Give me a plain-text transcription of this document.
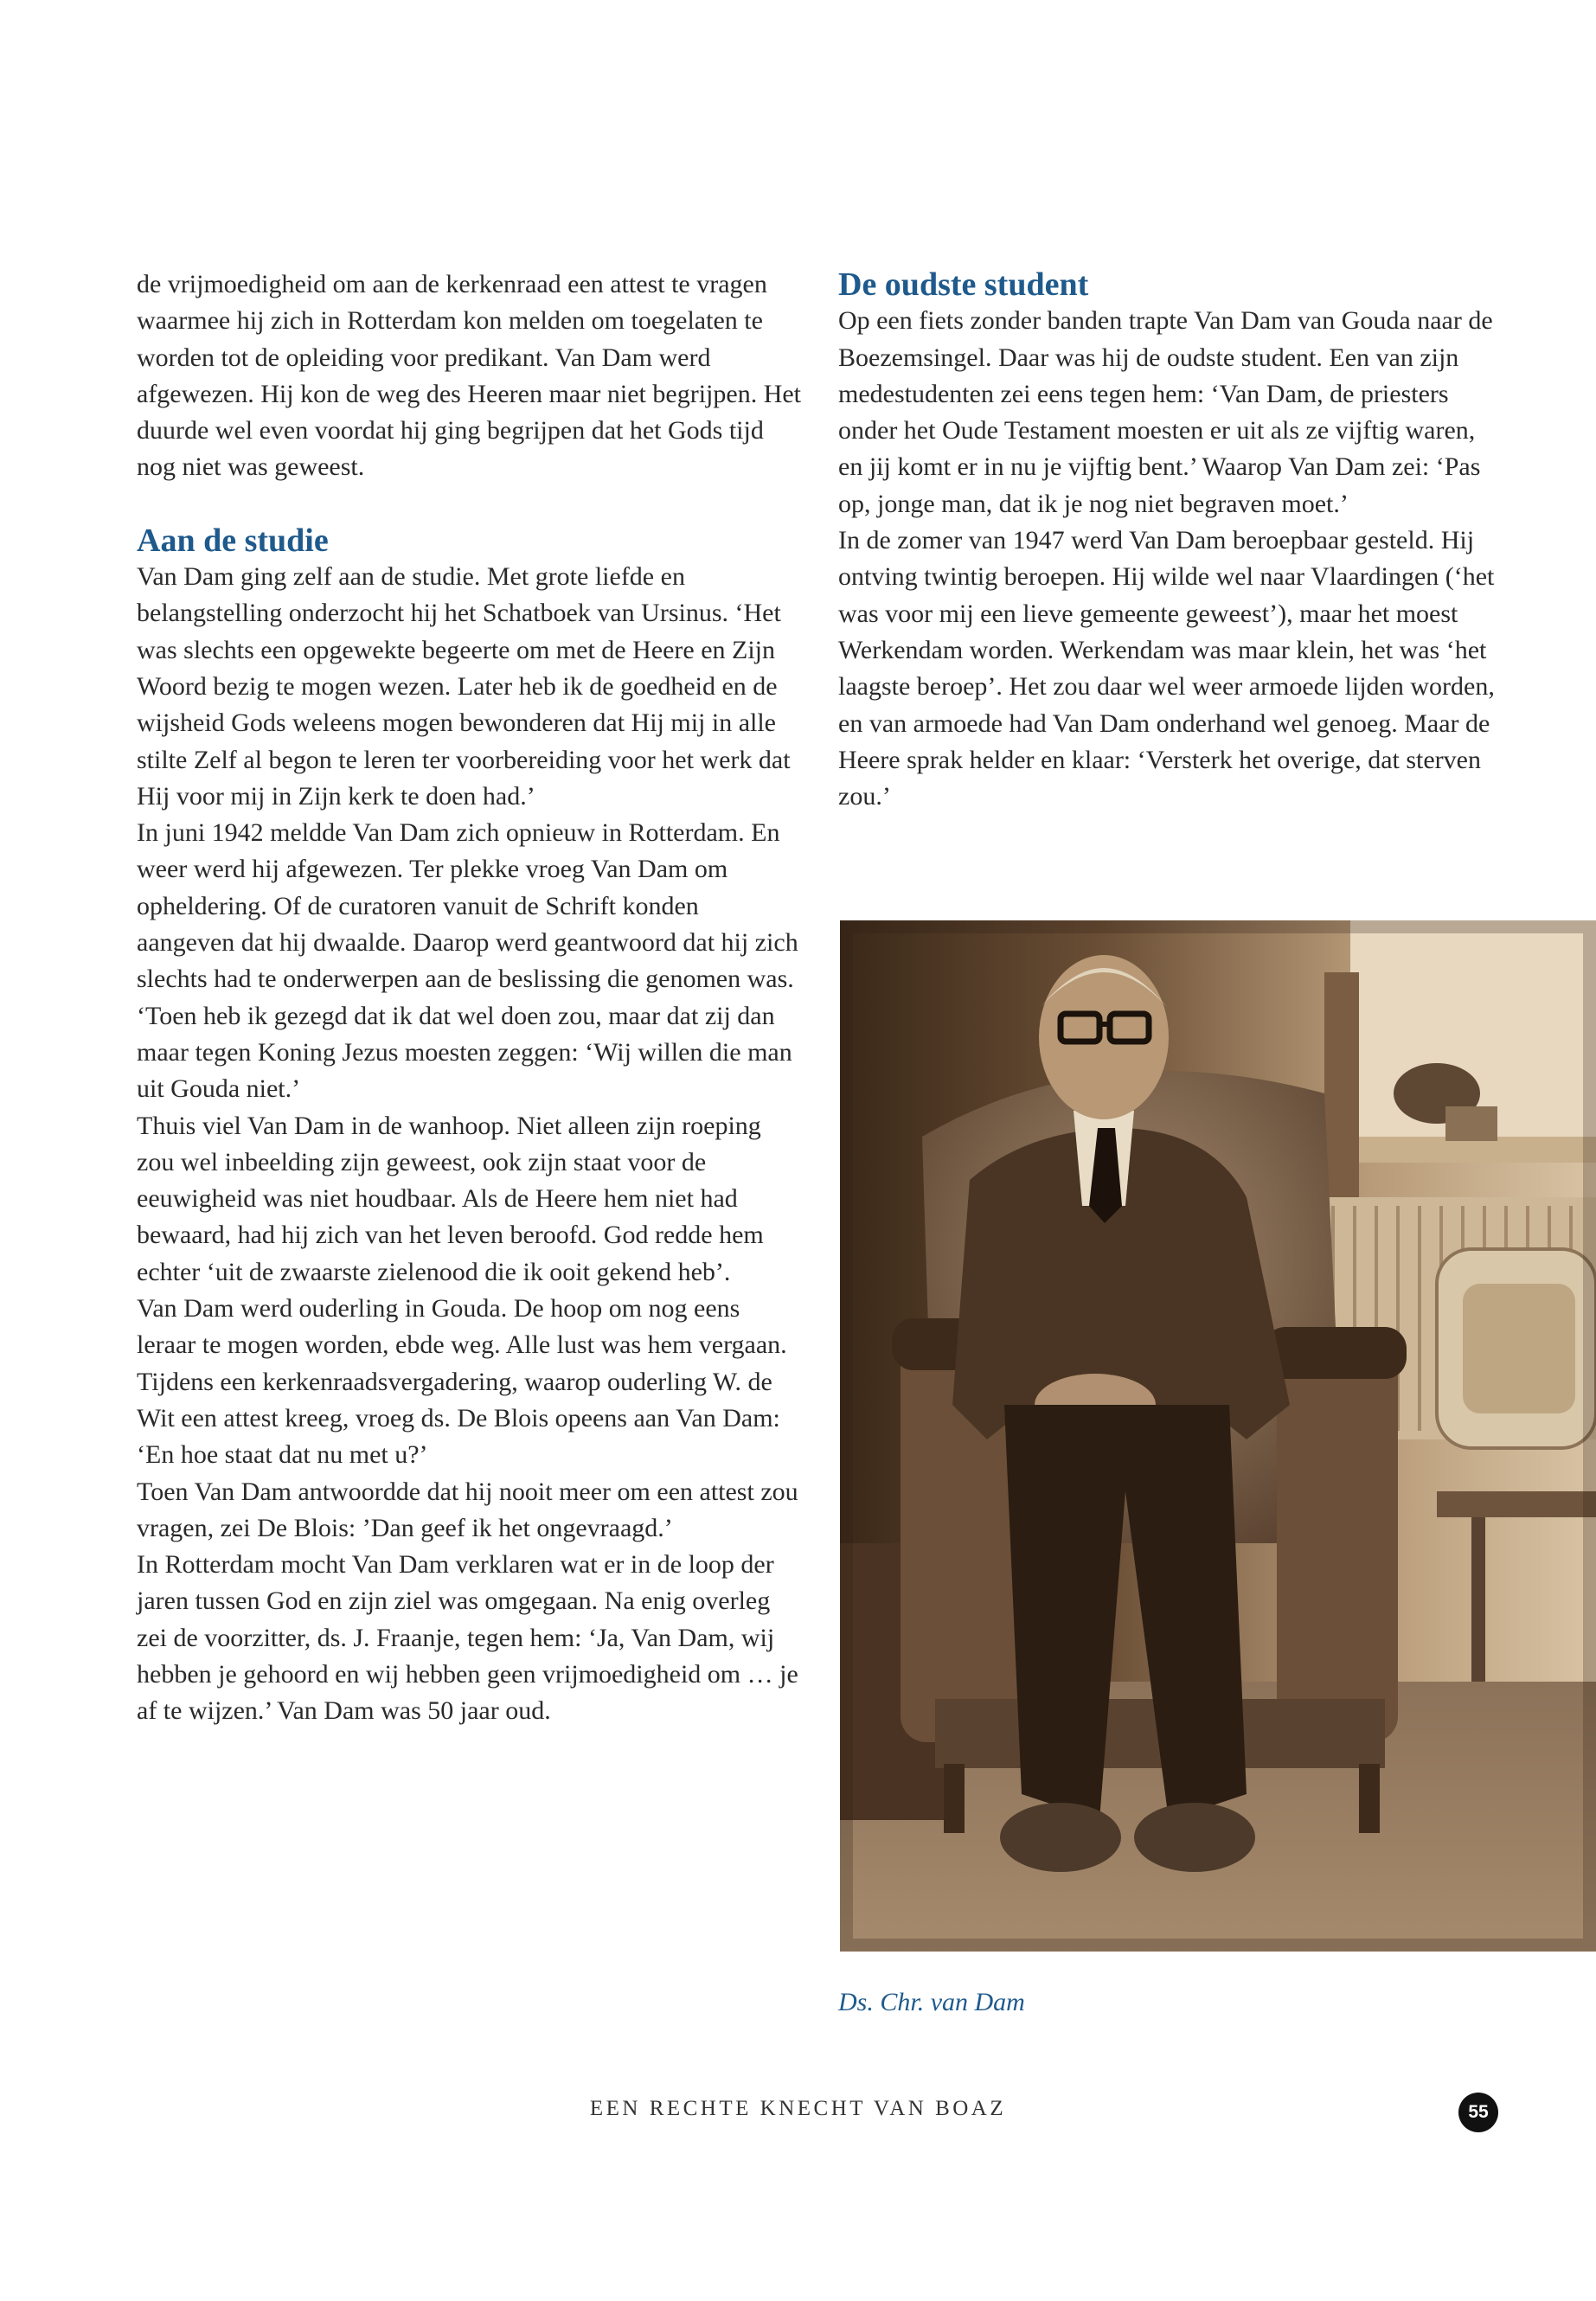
de vrijmoedigheid om aan de kerkenraad een attest te vragen waarmee hij zich in Rotterdam kon melden om toegelaten te worden tot de opleiding voor predikant. Van Dam werd afgewezen. Hij kon de weg des Heeren maar niet begrijpen. Het duurde wel even voordat hij ging begrijpen dat het Gods tijd nog niet was geweest.

Aan de studie

Van Dam ging zelf aan de studie. Met grote liefde en belangstelling onderzocht hij het Schatboek van Ursinus. ‘Het was slechts een opgewekte begeerte om met de Heere en Zijn Woord bezig te mogen wezen. Later heb ik de goedheid en de wijsheid Gods weleens mogen bewonderen dat Hij mij in alle stilte Zelf al begon te leren ter voorbereiding voor het werk dat Hij voor mij in Zijn kerk te doen had.’

In juni 1942 meldde Van Dam zich opnieuw in Rotterdam. En weer werd hij afgewezen. Ter plekke vroeg Van Dam om opheldering. Of de curatoren vanuit de Schrift konden aangeven dat hij dwaalde. Daarop werd geantwoord dat hij zich slechts had te onderwerpen aan de beslissing die genomen was. ‘Toen heb ik gezegd dat ik dat wel doen zou, maar dat zij dan maar tegen Koning Jezus moesten zeggen: ‘Wij willen die man uit Gouda niet.’

Thuis viel Van Dam in de wanhoop. Niet alleen zijn roeping zou wel inbeelding zijn geweest, ook zijn staat voor de eeuwigheid was niet houdbaar. Als de Heere hem niet had bewaard, had hij zich van het leven beroofd. God redde hem echter ‘uit de zwaarste zielenood die ik ooit gekend heb’.

Van Dam werd ouderling in Gouda. De hoop om nog eens leraar te mogen worden, ebde weg. Alle lust was hem vergaan. Tijdens een kerkenraadsvergadering, waarop ouderling W. de Wit een attest kreeg, vroeg ds. De Blois opeens aan Van Dam: ‘En hoe staat dat nu met u?’

Toen Van Dam antwoordde dat hij nooit meer om een attest zou vragen, zei De Blois: ’Dan geef ik het ongevraagd.’

In Rotterdam mocht Van Dam verklaren wat er in de loop der jaren tussen God en zijn ziel was omgegaan. Na enig overleg zei de voorzitter, ds. J. Fraanje, tegen hem: ‘Ja, Van Dam, wij hebben je gehoord en wij hebben geen vrijmoedigheid om … je af te wijzen.’ Van Dam was 50 jaar oud.

De oudste student

Op een fiets zonder banden trapte Van Dam van Gouda naar de Boezemsingel. Daar was hij de oudste student. Een van zijn medestudenten zei eens tegen hem: ‘Van Dam, de priesters onder het Oude Testament moesten er uit als ze vijftig waren, en jij komt er in nu je vijftig bent.’ Waarop Van Dam zei: ‘Pas op, jonge man, dat ik je nog niet begraven moet.’

In de zomer van 1947 werd Van Dam beroepbaar gesteld. Hij ontving twintig beroepen. Hij wilde wel naar Vlaardingen (‘het was voor mij een lieve gemeente geweest’), maar het moest Werkendam worden. Werkendam was maar klein, het was ‘het laagste beroep’. Het zou daar wel weer armoede lijden worden, en van armoede had Van Dam onderhand wel genoeg. Maar de Heere sprak helder en klaar: ‘Versterk het overige, dat sterven zou.’

Ds. Chr. van Dam
EEN RECHTE KNECHT VAN BOAZ	55
